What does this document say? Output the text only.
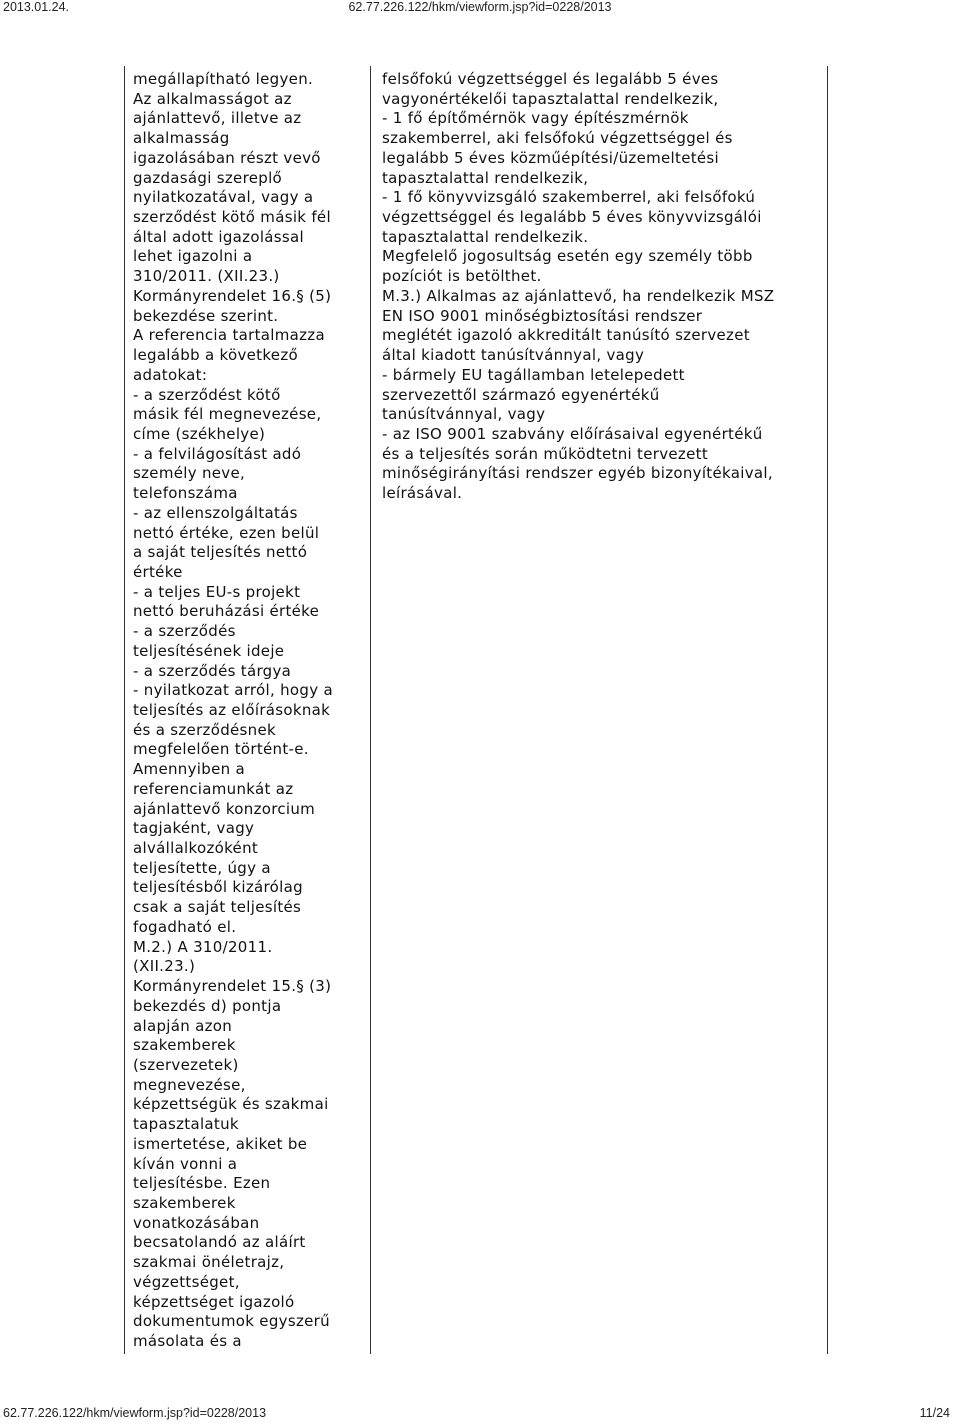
2013.01.24.	62.77.226.122/hkm/viewform.jsp?id=0228/2013
megállapítható legyen.
Az alkalmasságot az
ajánlattevő, illetve az
alkalmasság
igazolásában részt vevő
gazdasági szereplő
nyilatkozatával, vagy a
szerződést kötő másik fél
által adott igazolással
lehet igazolni a
310/2011. (XII.23.)
Kormányrendelet 16.§ (5)
bekezdése szerint.
A referencia tartalmazza
legalább a következő
adatokat:
- a szerződést kötő
másik fél megnevezése,
címe (székhelye)
- a felvilágosítást adó
személy neve,
telefonszáma
- az ellenszolgáltatás
nettó értéke, ezen belül
a saját teljesítés nettó
értéke
- a teljes EU-s projekt
nettó beruházási értéke
- a szerződés
teljesítésének ideje
- a szerződés tárgya
- nyilatkozat arról, hogy a
teljesítés az előírásoknak
és a szerződésnek
megfelelően történt-e.
Amennyiben a
referenciamunkát az
ajánlattevő konzorcium
tagjaként, vagy
alvállalkozóként
teljesítette, úgy a
teljesítésből kizárólag
csak a saját teljesítés
fogadható el.
M.2.) A 310/2011.
(XII.23.)
Kormányrendelet 15.§ (3)
bekezdés d) pontja
alapján azon
szakemberek
(szervezetek)
megnevezése,
képzettségük és szakmai
tapasztalatuk
ismertetése, akiket be
kíván vonni a
teljesítésbe. Ezen
szakemberek
vonatkozásában
becsatolandó az aláírt
szakmai önéletrajz,
végzettséget,
képzettséget igazoló
dokumentumok egyszerű
másolata és a
felsőfokú végzettséggel és legalább 5 éves
vagyonértékelői tapasztalattal rendelkezik,
- 1 fő építőmérnök vagy építészmérnök
szakemberrel, aki felsőfokú végzettséggel és
legalább 5 éves közműépítési/üzemeltetési
tapasztalattal rendelkezik,
- 1 fő könyvvizsgáló szakemberrel, aki felsőfokú
végzettséggel és legalább 5 éves könyvvizsgálói
tapasztalattal rendelkezik.
Megfelelő jogosultság esetén egy személy több
pozíciót is betölthet.
M.3.) Alkalmas az ajánlattevő, ha rendelkezik MSZ
EN ISO 9001 minőségbiztosítási rendszer
meglétét igazoló akkreditált tanúsító szervezet
által kiadott tanúsítvánnyal, vagy
- bármely EU tagállamban letelepedett
szervezettől származó egyenértékű
tanúsítvánnyal, vagy
- az ISO 9001 szabvány előírásaival egyenértékű
és a teljesítés során működtetni tervezett
minőségirányítási rendszer egyéb bizonyítékaival,
leírásával.
62.77.226.122/hkm/viewform.jsp?id=0228/2013	11/24
